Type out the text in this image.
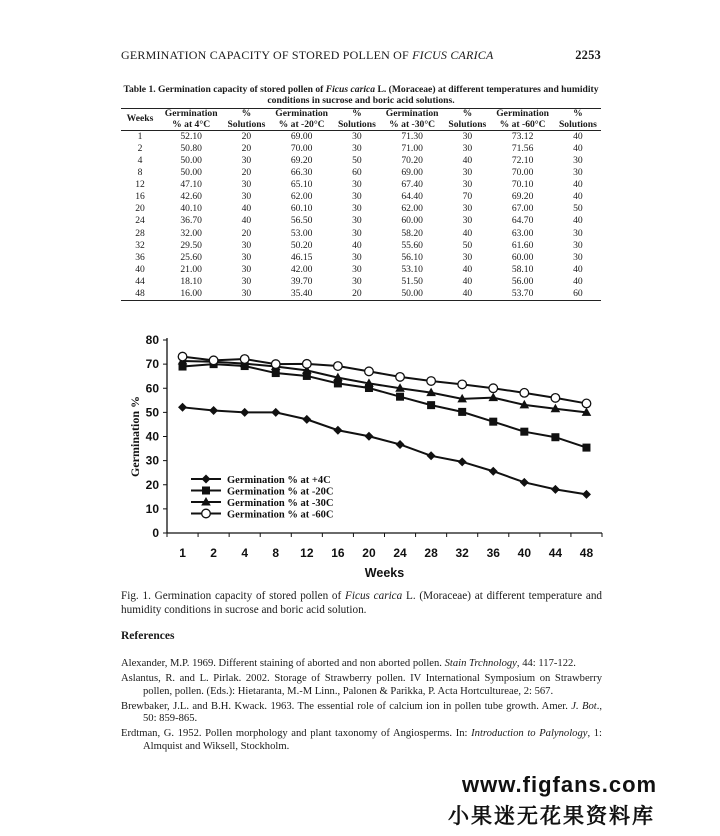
GERMINATION CAPACITY OF STORED POLLEN OF FICUS CARICA	2253
Table 1. Germination capacity of stored pollen of Ficus carica L. (Moraceae) at different temperatures and humidity conditions in sucrose and boric acid solutions.
Weeks	Germination	%	Germination	%	Germination	%	Germination	%
	% at 4°C	Solutions	% at -20°C	Solutions	% at -30°C	Solutions	% at -60°C	Solutions
1	52.10	20	69.00	30	71.30	30	73.12	40
2	50.80	20	70.00	30	71.00	30	71.56	40
4	50.00	30	69.20	50	70.20	40	72.10	30
8	50.00	20	66.30	60	69.00	30	70.00	30
12	47.10	30	65.10	30	67.40	30	70.10	40
16	42.60	30	62.00	30	64.40	70	69.20	40
20	40.10	40	60.10	30	62.00	30	67.00	50
24	36.70	40	56.50	30	60.00	30	64.70	40
28	32.00	20	53.00	30	58.20	40	63.00	30
32	29.50	30	50.20	40	55.60	50	61.60	30
36	25.60	30	46.15	30	56.10	30	60.00	30
40	21.00	30	42.00	30	53.10	40	58.10	40
44	18.10	30	39.70	30	51.50	40	56.00	40
48	16.00	30	35.40	20	50.00	40	53.70	60
0
10
20
30
40
50
60
70
80
1 2 4 8 12 16 20 24 28 32 36 40 44 48
Weeks
Germination %
Germination % at +4C
Germination % at -20C
Germination % at -30C
Germination % at -60C
Fig. 1. Germination capacity of stored pollen of Ficus carica L. (Moraceae) at different temperature and humidity conditions in sucrose and boric acid solution.
References

Alexander, M.P. 1969. Different staining of aborted and non aborted pollen. Stain Trchnology, 44: 117-122.

Aslantus, R. and L. Pirlak. 2002. Storage of Strawberry pollen. IV International Symposium on Strawberry pollen, pollen. (Eds.): Hietaranta, M.-M Linn., Palonen & Parikka, P. Acta Hortcultureae, 2: 567.

Brewbaker, J.L. and B.H. Kwack. 1963. The essential role of calcium ion in pollen tube growth. Amer. J. Bot., 50: 859-865.

Erdtman, G. 1952. Pollen morphology and plant taxonomy of Angiosperms. In: Introduction to Palynology, 1: Almquist and Wiksell, Stockholm.

www.figfans.com
小果迷无花果资料库
